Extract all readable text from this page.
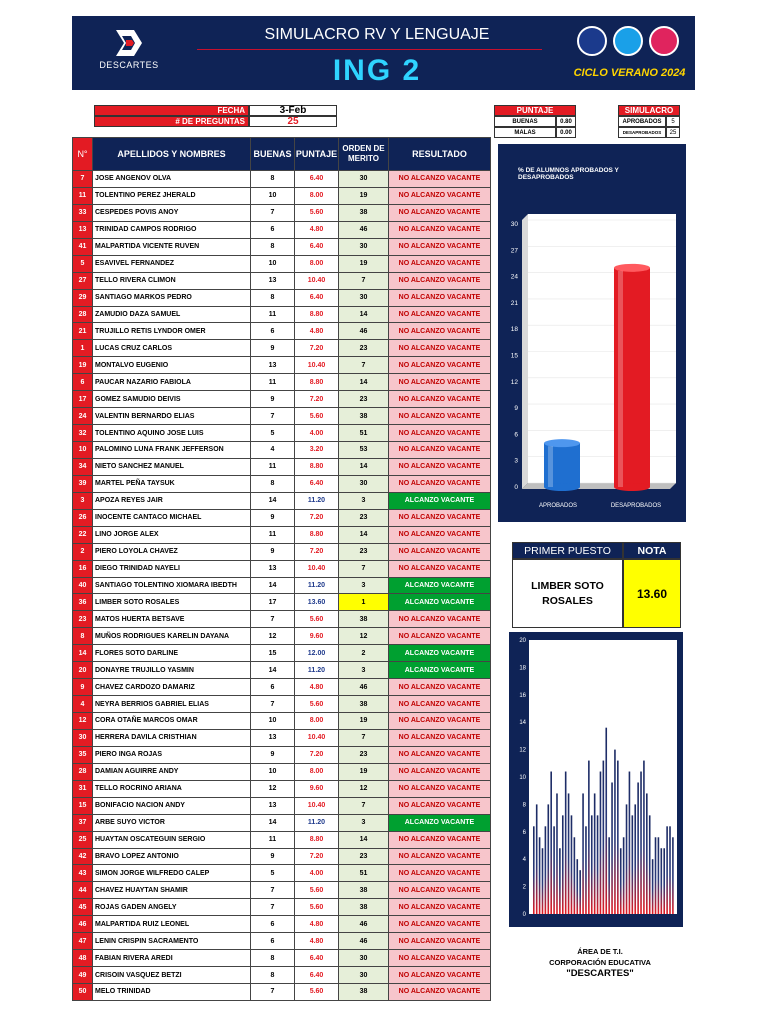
DESCARTES
SIMULACRO RV Y LENGUAJE
ING 2	CICLO VERANO 2024
FECHA	3-Feb
# DE PREGUNTAS	25
PUNTAJE
BUENAS	0.80
MALAS	0.00
SIMULACRO
APROBADOS	5
DESAPROBADOS	25
N°	APELLIDOS Y NOMBRES	BUENAS	PUNTAJE	ORDEN DE MERITO	RESULTADO
7	JOSE ANGENOV OLVA	8	6.40	30	NO ALCANZO VACANTE
11	TOLENTINO PEREZ JHERALD	10	8.00	19	NO ALCANZO VACANTE
33	CESPEDES POVIS ANOY	7	5.60	38	NO ALCANZO VACANTE
13	TRINIDAD CAMPOS RODRIGO	6	4.80	46	NO ALCANZO VACANTE
41	MALPARTIDA VICENTE RUVEN	8	6.40	30	NO ALCANZO VACANTE
5	ESAVIVEL FERNANDEZ	10	8.00	19	NO ALCANZO VACANTE
27	TELLO RIVERA CLIMON	13	10.40	7	NO ALCANZO VACANTE
29	SANTIAGO MARKOS PEDRO	8	6.40	30	NO ALCANZO VACANTE
28	ZAMUDIO DAZA SAMUEL	11	8.80	14	NO ALCANZO VACANTE
21	TRUJILLO RETIS LYNDOR OMER	6	4.80	46	NO ALCANZO VACANTE
1	LUCAS CRUZ CARLOS	9	7.20	23	NO ALCANZO VACANTE
19	MONTALVO EUGENIO	13	10.40	7	NO ALCANZO VACANTE
6	PAUCAR NAZARIO FABIOLA	11	8.80	14	NO ALCANZO VACANTE
17	GOMEZ SAMUDIO DEIVIS	9	7.20	23	NO ALCANZO VACANTE
24	VALENTIN BERNARDO ELIAS	7	5.60	38	NO ALCANZO VACANTE
32	TOLENTINO AQUINO JOSE LUIS	5	4.00	51	NO ALCANZO VACANTE
10	PALOMINO LUNA FRANK JEFFERSON	4	3.20	53	NO ALCANZO VACANTE
34	NIETO SANCHEZ MANUEL	11	8.80	14	NO ALCANZO VACANTE
39	MARTEL PEÑA TAYSUK	8	6.40	30	NO ALCANZO VACANTE
3	APOZA REYES JAIR	14	11.20	3	ALCANZO VACANTE
26	INOCENTE CANTACO MICHAEL	9	7.20	23	NO ALCANZO VACANTE
22	LINO JORGE ALEX	11	8.80	14	NO ALCANZO VACANTE
2	PIERO LOYOLA CHAVEZ	9	7.20	23	NO ALCANZO VACANTE
16	DIEGO TRINIDAD NAYELI	13	10.40	7	NO ALCANZO VACANTE
40	SANTIAGO TOLENTINO XIOMARA IBEDTH	14	11.20	3	ALCANZO VACANTE
36	LIMBER SOTO ROSALES	17	13.60	1	ALCANZO VACANTE
23	MATOS HUERTA BETSAVE	7	5.60	38	NO ALCANZO VACANTE
8	MUÑOS RODRIGUES KARELIN DAYANA	12	9.60	12	NO ALCANZO VACANTE
14	FLORES SOTO DARLINE	15	12.00	2	ALCANZO VACANTE
20	DONAYRE TRUJILLO YASMIN	14	11.20	3	ALCANZO VACANTE
9	CHAVEZ CARDOZO DAMARIZ	6	4.80	46	NO ALCANZO VACANTE
4	NEYRA BERRIOS GABRIEL ELIAS	7	5.60	38	NO ALCANZO VACANTE
12	CORA OTAÑE MARCOS OMAR	10	8.00	19	NO ALCANZO VACANTE
30	HERRERA DAVILA CRISTHIAN	13	10.40	7	NO ALCANZO VACANTE
35	PIERO INGA ROJAS	9	7.20	23	NO ALCANZO VACANTE
28	DAMIAN AGUIRRE ANDY	10	8.00	19	NO ALCANZO VACANTE
31	TELLO ROCRINO ARIANA	12	9.60	12	NO ALCANZO VACANTE
15	BONIFACIO NACION ANDY	13	10.40	7	NO ALCANZO VACANTE
37	ARBE SUYO VICTOR	14	11.20	3	ALCANZO VACANTE
25	HUAYTAN OSCATEGUIN SERGIO	11	8.80	14	NO ALCANZO VACANTE
42	BRAVO LOPEZ ANTONIO	9	7.20	23	NO ALCANZO VACANTE
43	SIMON JORGE WILFREDO CALEP	5	4.00	51	NO ALCANZO VACANTE
44	CHAVEZ HUAYTAN SHAMIR	7	5.60	38	NO ALCANZO VACANTE
45	ROJAS GADEN ANGELY	7	5.60	38	NO ALCANZO VACANTE
46	MALPARTIDA RUIZ LEONEL	6	4.80	46	NO ALCANZO VACANTE
47	LENIN CRISPIN SACRAMENTO	6	4.80	46	NO ALCANZO VACANTE
48	FABIAN RIVERA AREDI	8	6.40	30	NO ALCANZO VACANTE
49	CRISOIN VASQUEZ BETZI	8	6.40	30	NO ALCANZO VACANTE
50	MELO TRINIDAD	7	5.60	38	NO ALCANZO VACANTE
% DE ALUMNOS APROBADOS Y
DESAPROBADOS
0
3
6
9
12
15
18
21
24
27
30
APROBADOS	DESAPROBADOS
PRIMER PUESTO	NOTA
LIMBER SOTO ROSALES	13.60
0
2
4
6
8
10
12
14
16
18
20
ÁREA DE T.I.
CORPORACIÓN EDUCATIVA
"DESCARTES"
